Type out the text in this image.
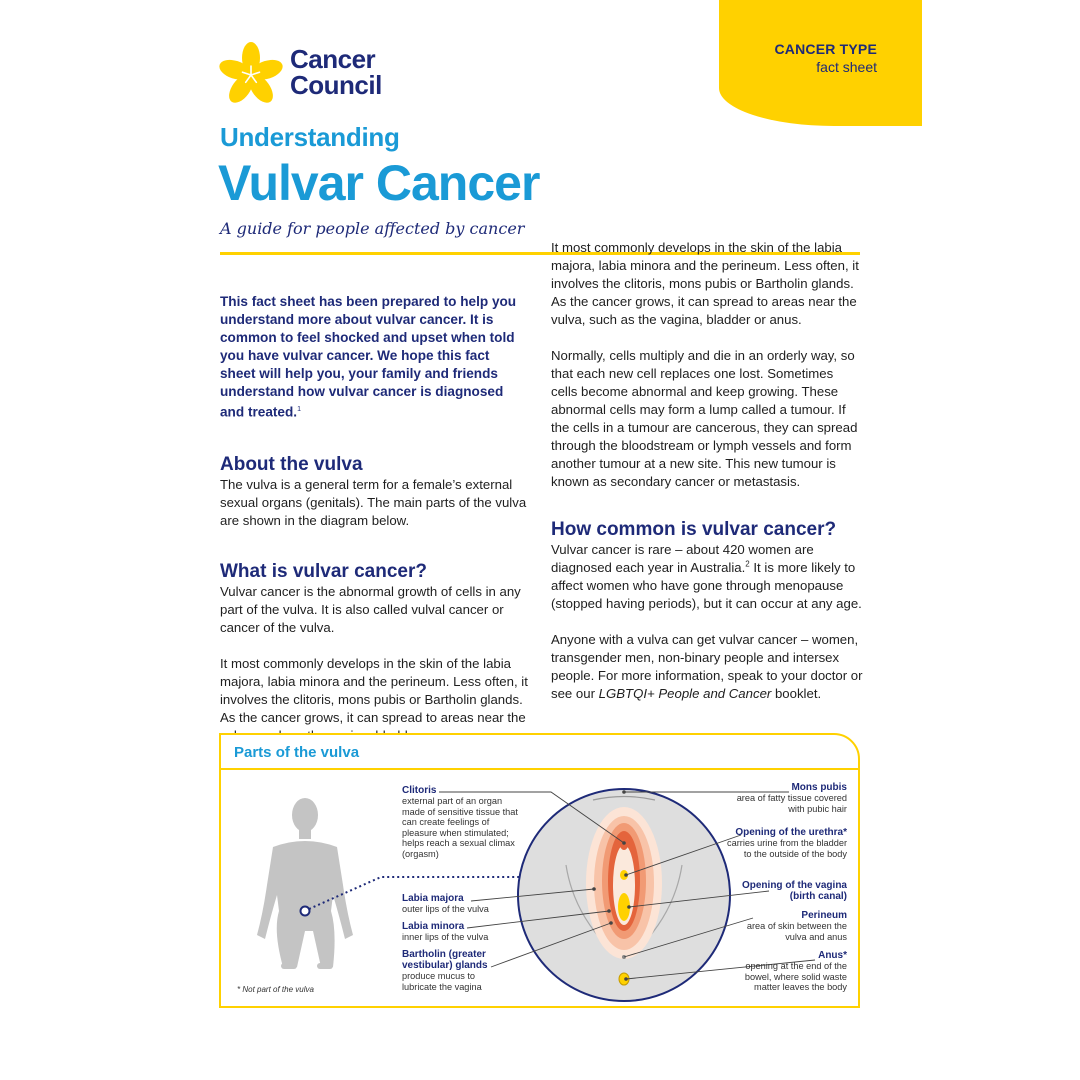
CANCER TYPE
fact sheet
Cancer
Council
Understanding
Vulvar Cancer
A guide for people affected by cancer
This fact sheet has been prepared to help you understand more about vulvar cancer. It is common to feel shocked and upset when told you have vulvar cancer. We hope this fact sheet will help you, your family and friends understand how vulvar cancer is diagnosed and treated.$^1$
About the vulva
The vulva is a general term for a female’s external sexual organs (genitals). The main parts of the vulva are shown in the diagram below.
What is vulvar cancer?
Vulvar cancer is the abnormal growth of cells in any part of the vulva. It is also called vulval cancer or cancer of the vulva.
It most commonly develops in the skin of the labia majora, labia minora and the perineum. Less often, it involves the clitoris, mons pubis or Bartholin glands. As the cancer grows, it can spread to areas near the
It most commonly develops in the skin of the labia majora, labia minora and the perineum. Less often, it involves the clitoris, mons pubis or Bartholin glands. As the cancer grows, it can spread to areas near the vulva, such as the vagina, bladder or anus.
Normally, cells multiply and die in an orderly way, so that each new cell replaces one lost. Sometimes cells become abnormal and keep growing. These abnormal cells may form a lump called a tumour. If the cells in a tumour are cancerous, they can spread through the bloodstream or lymph vessels and form another tumour at a new site. This new tumour is known as secondary cancer or metastasis.
How common is vulvar cancer?
Vulvar cancer is rare – about 420 women are diagnosed each year in Australia.$^2$ It is more likely to affect women who have gone through menopause (stopped having periods), but it can occur at any age.
Anyone with a vulva can get vulvar cancer – women, transgender men, non-binary people and intersex people. For more information, speak to your doctor or see our LGBTQI+ People and Cancer booklet.
Parts of the vulva
Clitoris
external part of an organ made of sensitive tissue that can create feelings of pleasure when stimulated; helps reach a sexual climax (orgasm)
Labia majora
outer lips of the vulva
Labia minora
inner lips of the vulva
Bartholin (greater vestibular) glands
produce mucus to lubricate the vagina
Mons pubis
area of fatty tissue covered with pubic hair
Opening of the urethra*
carries urine from the bladder to the outside of the body
Opening of the vagina (birth canal)
Perineum
area of skin between the vulva and anus
Anus*
opening at the end of the bowel, where solid waste matter leaves the body
* Not part of the vulva
